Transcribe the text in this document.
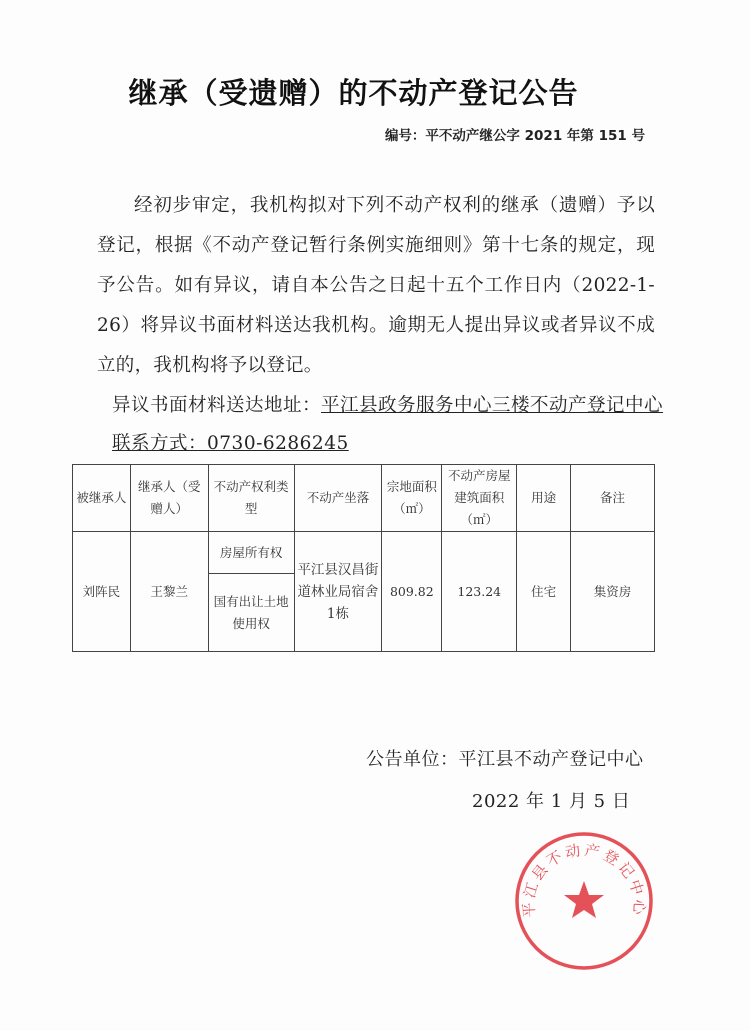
继承（受遗赠）的不动产登记公告
编号：平不动产继公字 2021 年第 151 号
经初步审定，我机构拟对下列不动产权利的继承（遗赠）予以登记，根据《不动产登记暂行条例实施细则》第十七条的规定，现予公告。如有异议，请自本公告之日起十五个工作日内（2022-1-26）将异议书面材料送达我机构。逾期无人提出异议或者异议不成立的，我机构将予以登记。
异议书面材料送达地址：平江县政务服务中心三楼不动产登记中心
联系方式：0730-6286245
被继承人	继承人（受赠人）	不动产权利类型	不动产坐落	宗地面积（㎡）	不动产房屋建筑面积（㎡）	用途	备注
刘阵民	王黎兰	房屋所有权	平江县汉昌街道林业局宿舍1栋	809.82	123.24	住宅	集资房
		国有出让土地使用权					
公告单位：平江县不动产登记中心
2022 年 1 月 5 日
平江县不动产登记中心
